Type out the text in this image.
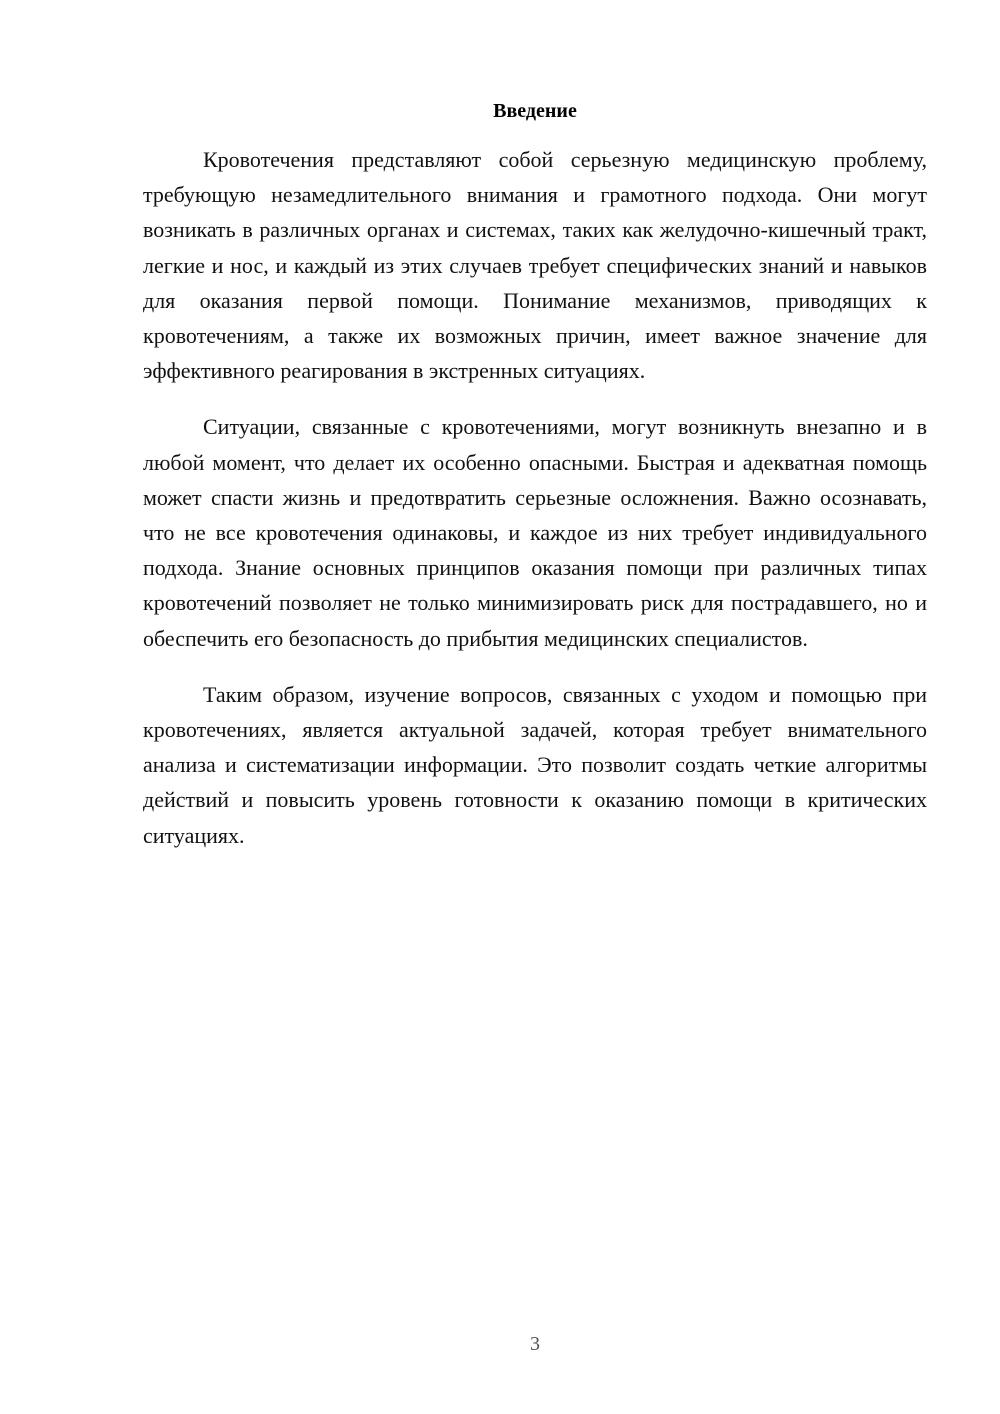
Введение

Кровотечения представляют собой серьезную медицинскую проблему, требующую незамедлительного внимания и грамотного подхода. Они могут возникать в различных органах и системах, таких как желудочно-кишечный тракт, легкие и нос, и каждый из этих случаев требует специфических знаний и навыков для оказания первой помощи. Понимание механизмов, приводящих к кровотечениям, а также их возможных причин, имеет важное значение для эффективного реагирования в экстренных ситуациях.

Ситуации, связанные с кровотечениями, могут возникнуть внезапно и в любой момент, что делает их особенно опасными. Быстрая и адекватная помощь может спасти жизнь и предотвратить серьезные осложнения. Важно осознавать, что не все кровотечения одинаковы, и каждое из них требует индивидуального подхода. Знание основных принципов оказания помощи при различных типах кровотечений позволяет не только минимизировать риск для пострадавшего, но и обеспечить его безопасность до прибытия медицинских специалистов.

Таким образом, изучение вопросов, связанных с уходом и помощью при кровотечениях, является актуальной задачей, которая требует внимательного анализа и систематизации информации. Это позволит создать четкие алгоритмы действий и повысить уровень готовности к оказанию помощи в критических ситуациях.

3
